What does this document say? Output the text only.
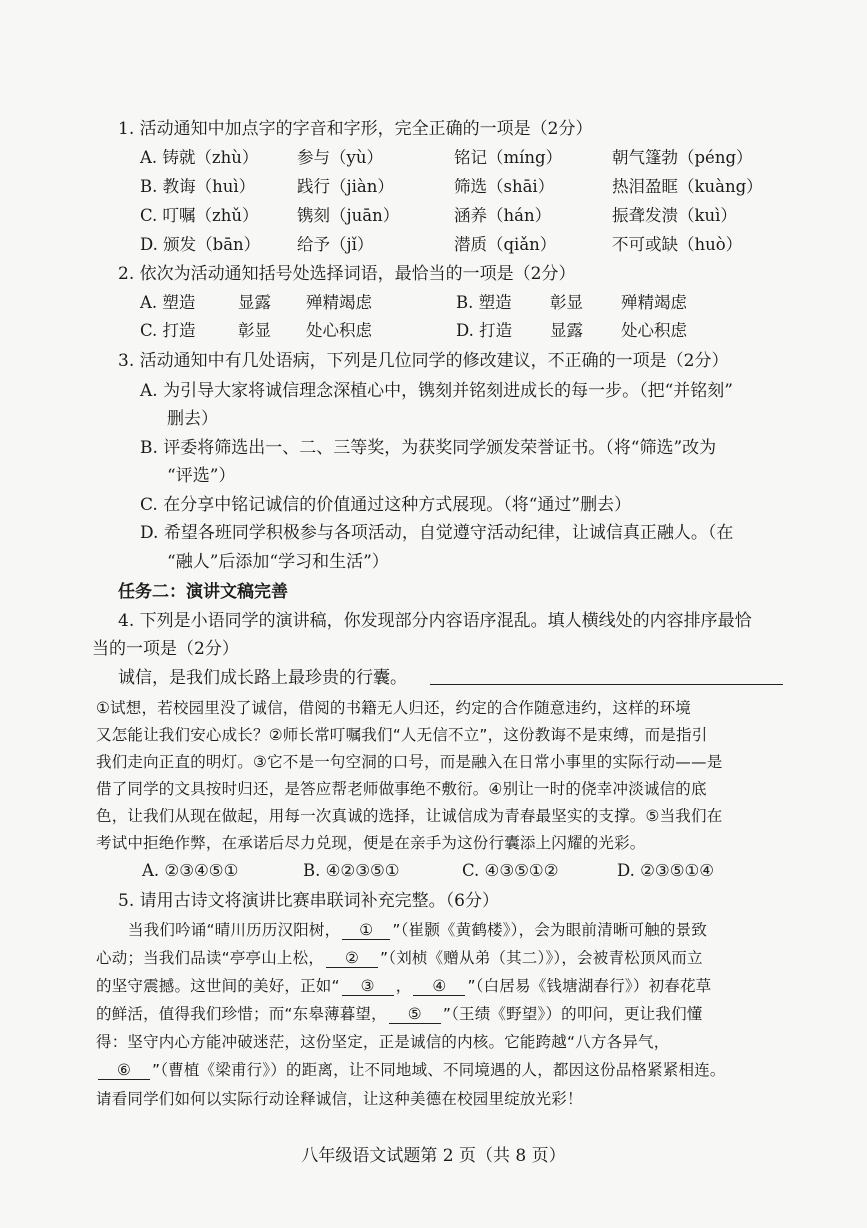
1. 活动通知中加点字的字音和字形，完全正确的一项是（2分）
A. 铸就（zhù） 参与（yù）	铭记（míng）	朝气篷勃（péng）
B. 教诲（huì）	践行（jiàn）	筛选（shāi）	热泪盈眶（kuàng）
C. 叮嘱（zhǔ） 镌刻（juān）	涵养（hán）	振聋发溃（kuì）
D. 颁发（bān） 给予（jǐ）	潜质（qiǎn）	不可或缺（huò）
2. 依次为活动通知括号处选择词语，最恰当的一项是（2分）
A. 塑造	显露 殚精竭虑	B. 塑造 彰显 殚精竭虑
C. 打造	彰显 处心积虑	D. 打造 显露 处心积虑
3. 活动通知中有几处语病，下列是几位同学的修改建议，不正确的一项是（2分）
A. 为引导大家将诚信理念深植心中，镌刻并铭刻进成长的每一步。（把“并铭刻”
删去）
B. 评委将筛选出一、二、三等奖，为获奖同学颁发荣誉证书。（将“筛选”改为
“评选”）
C. 在分享中铭记诚信的价值通过这种方式展现。（将“通过”删去）
D. 希望各班同学积极参与各项活动，自觉遵守活动纪律，让诚信真正融人。（在
“融人”后添加“学习和生活”）
任务二：演讲文稿完善
4. 下列是小语同学的演讲稿，你发现部分内容语序混乱。填人横线处的内容排序最恰
当的一项是（2分）
诚信，是我们成长路上最珍贵的行囊。
①试想，若校园里没了诚信，借阅的书籍无人归还，约定的合作随意违约，这样的环境
又怎能让我们安心成长？②师长常叮嘱我们“人无信不立”，这份教诲不是束缚，而是指引
我们走向正直的明灯。③它不是一句空洞的口号，而是融入在日常小事里的实际行动——是
借了同学的文具按时归还，是答应帮老师做事绝不敷衍。④别让一时的侥幸冲淡诚信的底
色，让我们从现在做起，用每一次真诚的选择，让诚信成为青春最坚实的支撑。⑤当我们在
考试中拒绝作弊，在承诺后尽力兑现，便是在亲手为这份行囊添上闪耀的光彩。
A. ②③④⑤①	B. ④②③⑤①	C. ④③⑤①②	D. ②③⑤①④
5. 请用古诗文将演讲比赛串联词补充完整。（6分）
当我们吟诵“晴川历历汉阳树， ① ”（崔颢《黄鹤楼》），会为眼前清晰可触的景致
心动；当我们品读“亭亭山上松， ② ”（刘桢《赠从弟（其二）》），会被青松顶风而立
的坚守震撼。这世间的美好，正如“ ③ ， ④ ”（白居易《钱塘湖春行》）初春花草
的鲜活，值得我们珍惜；而“东皋薄暮望， ⑤ ”（王绩《野望》）的叩问，更让我们懂
得：坚守内心方能冲破迷茫，这份坚定，正是诚信的内核。它能跨越“八方各异气，
⑥ ”（曹植《梁甫行》）的距离，让不同地域、不同境遇的人，都因这份品格紧紧相连。
请看同学们如何以实际行动诠释诚信，让这种美德在校园里绽放光彩！
八年级语文试题第 2 页（共 8 页）
